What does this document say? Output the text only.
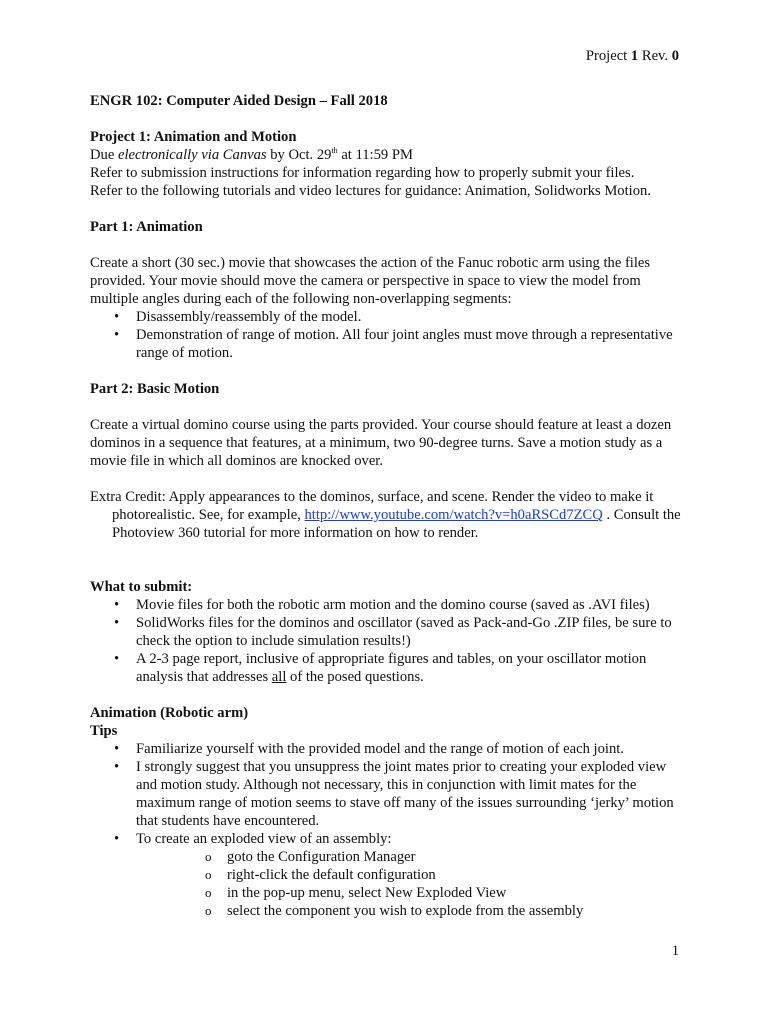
Project 1 Rev. 0

ENGR 102: Computer Aided Design – Fall 2018

Project 1: Animation and Motion

Due electronically via Canvas by Oct. 29th at 11:59 PM

Refer to submission instructions for information regarding how to properly submit your files.

Refer to the following tutorials and video lectures for guidance: Animation, Solidworks Motion.

Part 1: Animation

Create a short (30 sec.) movie that showcases the action of the Fanuc robotic arm using the files provided. Your movie should move the camera or perspective in space to view the model from multiple angles during each of the following non-overlapping segments:

• Disassembly/reassembly of the model.
• Demonstration of range of motion. All four joint angles must move through a representative range of motion.

Part 2: Basic Motion

Create a virtual domino course using the parts provided. Your course should feature at least a dozen dominos in a sequence that features, at a minimum, two 90-degree turns. Save a motion study as a movie file in which all dominos are knocked over.

Extra Credit: Apply appearances to the dominos, surface, and scene. Render the video to make it photorealistic. See, for example, http://www.youtube.com/watch?v=h0aRSCd7ZCQ . Consult the Photoview 360 tutorial for more information on how to render.

What to submit:

• Movie files for both the robotic arm motion and the domino course (saved as .AVI files)
• SolidWorks files for the dominos and oscillator (saved as Pack-and-Go .ZIP files, be sure to check the option to include simulation results!)
• A 2-3 page report, inclusive of appropriate figures and tables, on your oscillator motion analysis that addresses all of the posed questions.

Animation (Robotic arm)

Tips

• Familiarize yourself with the provided model and the range of motion of each joint.
• I strongly suggest that you unsuppress the joint mates prior to creating your exploded view and motion study. Although not necessary, this in conjunction with limit mates for the maximum range of motion seems to stave off many of the issues surrounding ‘jerky’ motion that students have encountered.
• To create an exploded view of an assembly:
o goto the Configuration Manager
o right-click the default configuration
o in the pop-up menu, select New Exploded View
o select the component you wish to explode from the assembly
1
